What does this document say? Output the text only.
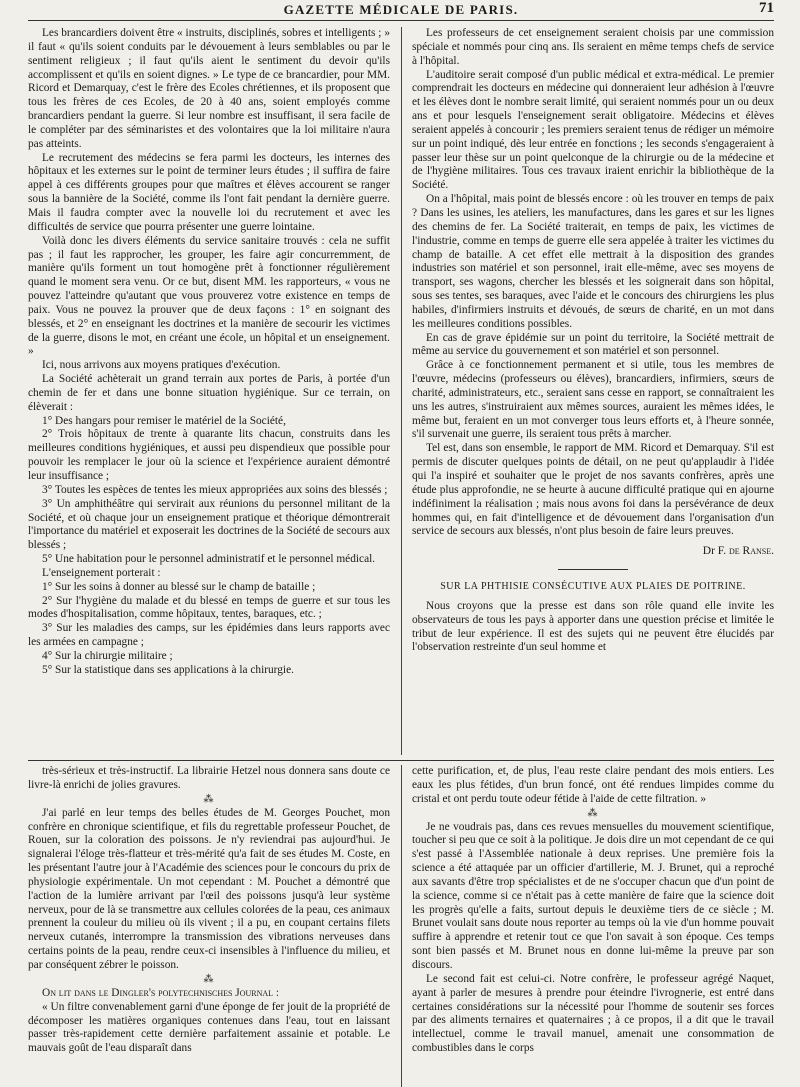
GAZETTE MÉDICALE DE PARIS.	71

Les brancardiers doivent être « instruits, disciplinés, sobres et intelligents ; » il faut « qu'ils soient conduits par le dévouement à leurs semblables ou par le sentiment religieux ; il faut qu'ils aient le sentiment du devoir qu'ils accomplissent et qu'ils en soient dignes. » Le type de ce brancardier, pour MM. Ricord et Demarquay, c'est le frère des Ecoles chrétiennes, et ils proposent que tous les frères de ces Ecoles, de 20 à 40 ans, soient employés comme brancardiers pendant la guerre. Si leur nombre est insuffisant, il sera facile de le compléter par des séminaristes et des volontaires que la loi militaire n'aura pas atteints.

Le recrutement des médecins se fera parmi les docteurs, les internes des hôpitaux et les externes sur le point de terminer leurs études ; il suffira de faire appel à ces différents groupes pour que maîtres et élèves accourent se ranger sous la bannière de la Société, comme ils l'ont fait pendant la dernière guerre. Mais il faudra compter avec la nouvelle loi du recrutement et avec les difficultés de service que pourra présenter une guerre lointaine.

Voilà donc les divers éléments du service sanitaire trouvés : cela ne suffit pas ; il faut les rapprocher, les grouper, les faire agir concurremment, de manière qu'ils forment un tout homogène prêt à fonctionner régulièrement quand le moment sera venu. Or ce but, disent MM. les rapporteurs, « vous ne pouvez l'atteindre qu'autant que vous prouverez votre existence en temps de paix. Vous ne pouvez la prouver que de deux façons : 1° en soignant des blessés, et 2° en enseignant les doctrines et la manière de secourir les victimes de la guerre, disons le mot, en créant une école, un hôpital et un enseignement. »

Ici, nous arrivons aux moyens pratiques d'exécution.

La Société achèterait un grand terrain aux portes de Paris, à portée d'un chemin de fer et dans une bonne situation hygiénique. Sur ce terrain, on élèverait :

1° Des hangars pour remiser le matériel de la Société,

2° Trois hôpitaux de trente à quarante lits chacun, construits dans les meilleures conditions hygiéniques, et aussi peu dispendieux que possible pour pouvoir les remplacer le jour où la science et l'expérience auraient démontré leur insuffisance ;

3° Toutes les espèces de tentes les mieux appropriées aux soins des blessés ;

3° Un amphithéâtre qui servirait aux réunions du personnel militant de la Société, et où chaque jour un enseignement pratique et théorique démontrerait l'importance du matériel et exposerait les doctrines de la Société de secours aux blessés ;

5° Une habitation pour le personnel administratif et le personnel médical.

L'enseignement porterait :

1° Sur les soins à donner au blessé sur le champ de bataille ;

2° Sur l'hygiène du malade et du blessé en temps de guerre et sur tous les modes d'hospitalisation, comme hôpitaux, tentes, baraques, etc. ;

3° Sur les maladies des camps, sur les épidémies dans leurs rapports avec les armées en campagne ;

4° Sur la chirurgie militaire ;

5° Sur la statistique dans ses applications à la chirurgie.

Les professeurs de cet enseignement seraient choisis par une commission spéciale et nommés pour cinq ans. Ils seraient en même temps chefs de service à l'hôpital.

L'auditoire serait composé d'un public médical et extra-médical. Le premier comprendrait les docteurs en médecine qui donneraient leur adhésion à l'œuvre et les élèves dont le nombre serait limité, qui seraient nommés pour un ou deux ans et pour lesquels l'enseignement serait obligatoire. Médecins et élèves seraient appelés à concourir ; les premiers seraient tenus de rédiger un mémoire sur un point indiqué, dès leur entrée en fonctions ; les seconds s'engageraient à passer leur thèse sur un point quelconque de la chirurgie ou de la médecine et de l'hygiène militaires. Tous ces travaux iraient enrichir la bibliothèque de la Société.

On a l'hôpital, mais point de blessés encore : où les trouver en temps de paix ? Dans les usines, les ateliers, les manufactures, dans les gares et sur les lignes des chemins de fer. La Société traiterait, en temps de paix, les victimes de l'industrie, comme en temps de guerre elle sera appelée à traiter les victimes du champ de bataille. A cet effet elle mettrait à la disposition des grandes industries son matériel et son personnel, irait elle-même, avec ses moyens de transport, ses wagons, chercher les blessés et les soignerait dans son hôpital, sous ses tentes, ses baraques, avec l'aide et le concours des chirurgiens les plus habiles, d'infirmiers instruits et dévoués, de sœurs de charité, en un mot dans les meilleures conditions possibles.

En cas de grave épidémie sur un point du territoire, la Société mettrait de même au service du gouvernement et son matériel et son personnel.

Grâce à ce fonctionnement permanent et si utile, tous les membres de l'œuvre, médecins (professeurs ou élèves), brancardiers, infirmiers, sœurs de charité, administrateurs, etc., seraient sans cesse en rapport, se connaîtraient les uns les autres, s'instruiraient aux mêmes sources, auraient les mêmes idées, le même but, feraient en un mot converger tous leurs efforts et, à l'heure sonnée, s'il survenait une guerre, ils seraient tous prêts à marcher.

Tel est, dans son ensemble, le rapport de MM. Ricord et Demarquay. S'il est permis de discuter quelques points de détail, on ne peut qu'applaudir à l'idée qui l'a inspiré et souhaiter que le projet de nos savants confrères, après une étude plus approfondie, ne se heurte à aucune difficulté pratique qui en ajourne indéfiniment la réalisation ; mais nous avons foi dans la persévérance de deux hommes qui, en fait d'intelligence et de dévouement dans l'organisation d'un service de secours aux blessés, n'ont plus besoin de faire leurs preuves.

Dr F. de Ranse.
SUR LA PHTHISIE CONSÉCUTIVE AUX PLAIES DE POITRINE.

Nous croyons que la presse est dans son rôle quand elle invite les observateurs de tous les pays à apporter dans une question précise et limitée le tribut de leur expérience. Il est des sujets qui ne peuvent être élucidés par l'observation restreinte d'un seul homme et

très-sérieux et très-instructif. La librairie Hetzel nous donnera sans doute ce livre-là enrichi de jolies gravures.

⁂

J'ai parlé en leur temps des belles études de M. Georges Pouchet, mon confrère en chronique scientifique, et fils du regrettable professeur Pouchet, de Rouen, sur la coloration des poissons. Je n'y reviendrai pas aujourd'hui. Je signalerai l'éloge très-flatteur et très-mérité qu'a fait de ses études M. Coste, en les présentant l'autre jour à l'Académie des sciences pour le concours du prix de physiologie expérimentale. Un mot cependant : M. Pouchet a démontré que l'action de la lumière arrivant par l'œil des poissons jusqu'à leur système nerveux, pour de là se transmettre aux cellules colorées de la peau, ces animaux prennent la couleur du milieu où ils vivent ; il a pu, en coupant certains filets nerveux cutanés, interrompre la transmission des vibrations nerveuses dans certains points de la peau, rendre ceux-ci insensibles à l'influence du milieu, et par conséquent zébrer le poisson.

⁂

On lit dans le Dingler's polytechnisches Journal :

« Un filtre convenablement garni d'une éponge de fer jouit de la propriété de décomposer les matières organiques contenues dans l'eau, tout en laissant passer très-rapidement cette dernière parfaitement assainie et potable. Le mauvais goût de l'eau disparaît dans

cette purification, et, de plus, l'eau reste claire pendant des mois entiers. Les eaux les plus fétides, d'un brun foncé, ont été rendues limpides comme du cristal et ont perdu toute odeur fétide à l'aide de cette filtration. »

⁂

Je ne voudrais pas, dans ces revues mensuelles du mouvement scientifique, toucher si peu que ce soit à la politique. Je dois dire un mot cependant de ce qui s'est passé à l'Assemblée nationale à deux reprises. Une première fois la science a été attaquée par un officier d'artillerie, M. J. Brunet, qui a reproché aux savants d'être trop spécialistes et de ne s'occuper chacun que d'un point de la science, comme si ce n'était pas à cette manière de faire que la science doit les progrès qu'elle a faits, surtout depuis le deuxième tiers de ce siècle ; M. Brunet voulait sans doute nous reporter au temps où la vie d'un homme pouvait suffire à apprendre et retenir tout ce que l'on savait à son époque. Ces temps sont bien passés et M. Brunet nous en donne lui-même la preuve par son discours.

Le second fait est celui-ci. Notre confrère, le professeur agrégé Naquet, ayant à parler de mesures à prendre pour éteindre l'ivrognerie, est entré dans certaines considérations sur la nécessité pour l'homme de soutenir ses forces par des aliments ternaires et quaternaires ; à ce propos, il a dit que le travail intellectuel, comme le travail manuel, amenait une consommation de combustibles dans le corps
